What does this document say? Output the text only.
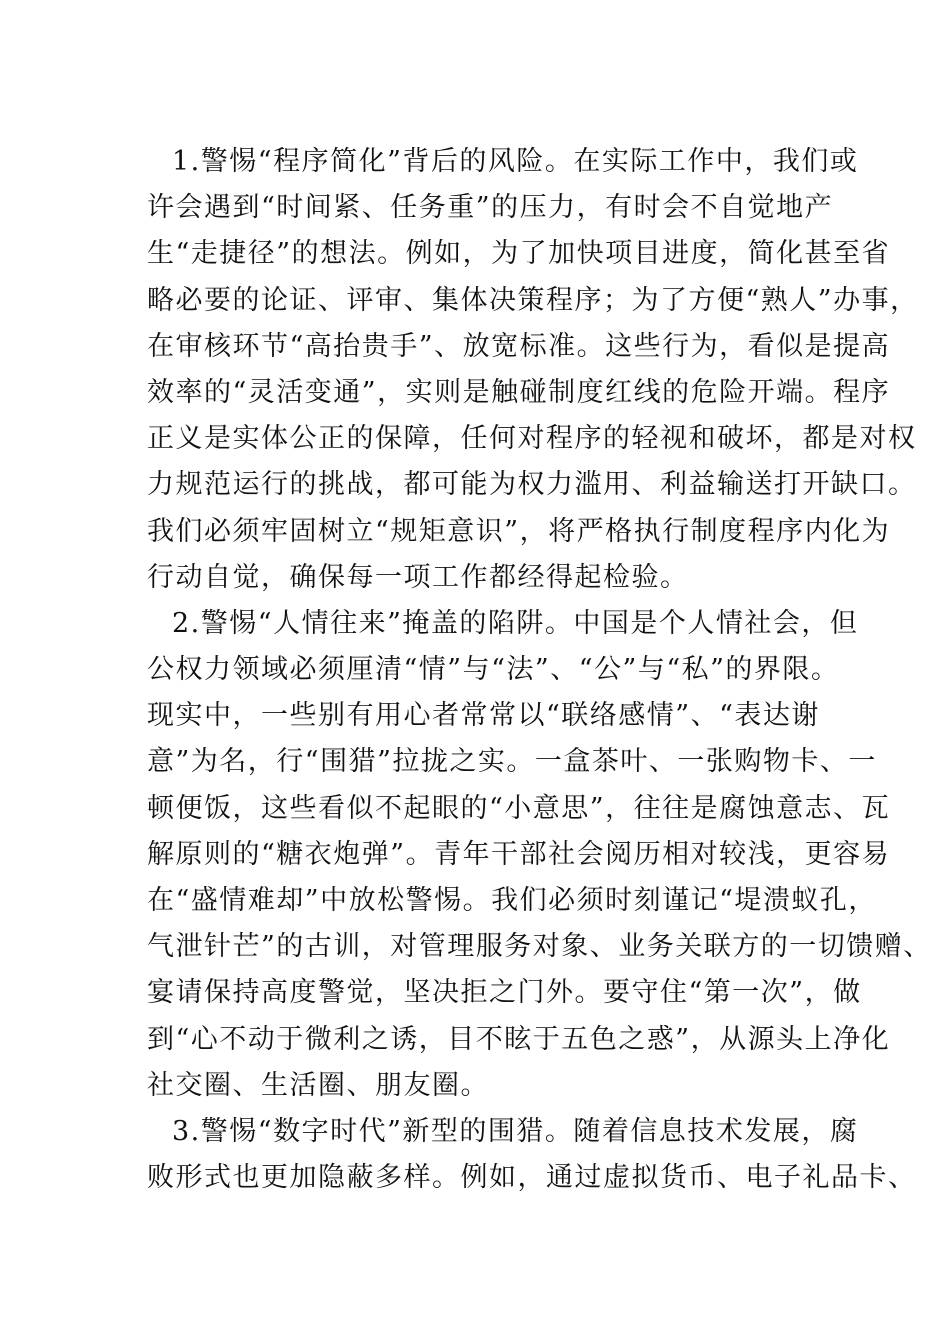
1.警惕“程序简化”背后的风险。在实际工作中，我们或
许会遇到“时间紧、任务重”的压力，有时会不自觉地产
生“走捷径”的想法。例如，为了加快项目进度，简化甚至省
略必要的论证、评审、集体决策程序；为了方便“熟人”办事，
在审核环节“高抬贵手”、放宽标准。这些行为，看似是提高
效率的“灵活变通”，实则是触碰制度红线的危险开端。程序
正义是实体公正的保障，任何对程序的轻视和破坏，都是对权
力规范运行的挑战，都可能为权力滥用、利益输送打开缺口。
我们必须牢固树立“规矩意识”，将严格执行制度程序内化为
行动自觉，确保每一项工作都经得起检验。
2.警惕“人情往来”掩盖的陷阱。中国是个人情社会，但
公权力领域必须厘清“情”与“法”、“公”与“私”的界限。
现实中，一些别有用心者常常以“联络感情”、“表达谢
意”为名，行“围猎”拉拢之实。一盒茶叶、一张购物卡、一
顿便饭，这些看似不起眼的“小意思”，往往是腐蚀意志、瓦
解原则的“糖衣炮弹”。青年干部社会阅历相对较浅，更容易
在“盛情难却”中放松警惕。我们必须时刻谨记“堤溃蚁孔，
气泄针芒”的古训，对管理服务对象、业务关联方的一切馈赠、
宴请保持高度警觉，坚决拒之门外。要守住“第一次”，做
到“心不动于微利之诱，目不眩于五色之惑”，从源头上净化
社交圈、生活圈、朋友圈。
3.警惕“数字时代”新型的围猎。随着信息技术发展，腐
败形式也更加隐蔽多样。例如，通过虚拟货币、电子礼品卡、
